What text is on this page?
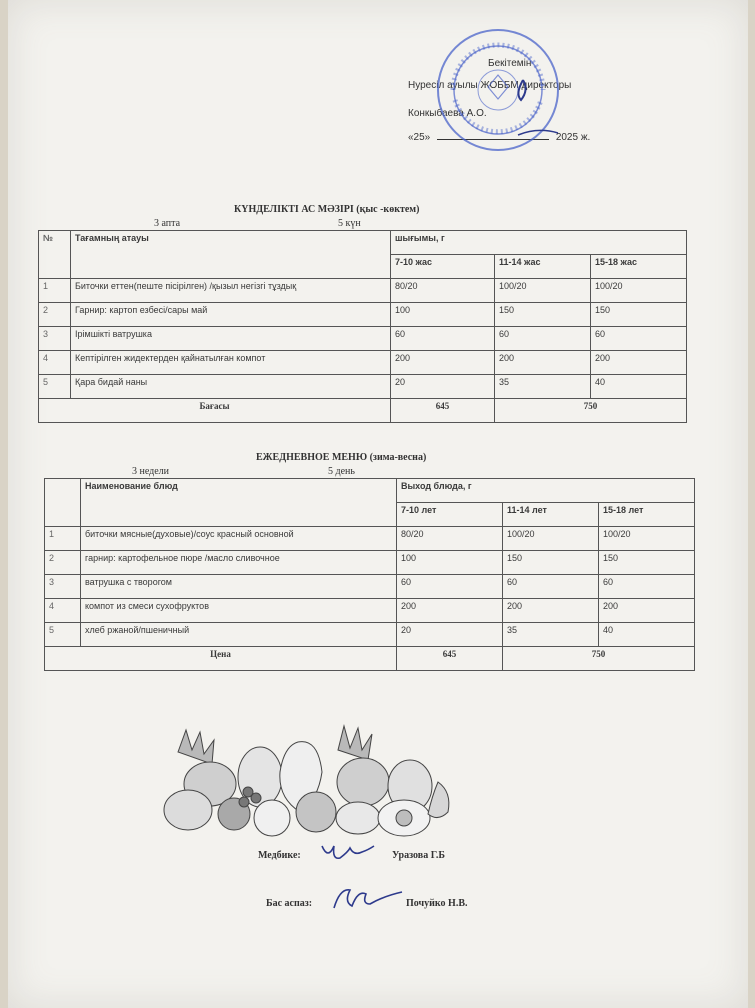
Бекітемін
Нуресіл ауылы ЖОББМ директоры
Конкыбаева А.О.
«25»	2025 ж.
КҮНДЕЛІКТІ АС МӘЗІРІ (қыс -көктем)
3 апта	5 күн
№	Тағамның атауы	шығымы, г		
		7-10 жас	11-14 жас	15-18 жас
1	Биточки еттен(пеште пісірілген) /қызыл негізгі тұздық	80/20	100/20	100/20
2	Гарнир: картоп езбесі/сары май	100	150	150
3	Ірімшікті ватрушка	60	60	60
4	Кептірілген жидектерден қайнатылған компот	200	200	200
5	Қара бидай наны	20	35	40
Бағасы		645	750	
ЕЖЕДНЕВНОЕ МЕНЮ (зима-весна)
3 недели	5 день
	Наименование блюд	Выход блюда, г		
		7-10 лет	11-14 лет	15-18 лет
1	биточки мясные(духовые)/соус красный основной	80/20	100/20	100/20
2	гарнир: картофельное пюре /масло сливочное	100	150	150
3	ватрушка с творогом	60	60	60
4	компот из смеси сухофруктов	200	200	200
5	хлеб ржаной/пшеничный	20	35	40
Цена		645	750	
Медбике:	Уразова Г.Б
Бас аспаз:	Почуйко Н.В.
